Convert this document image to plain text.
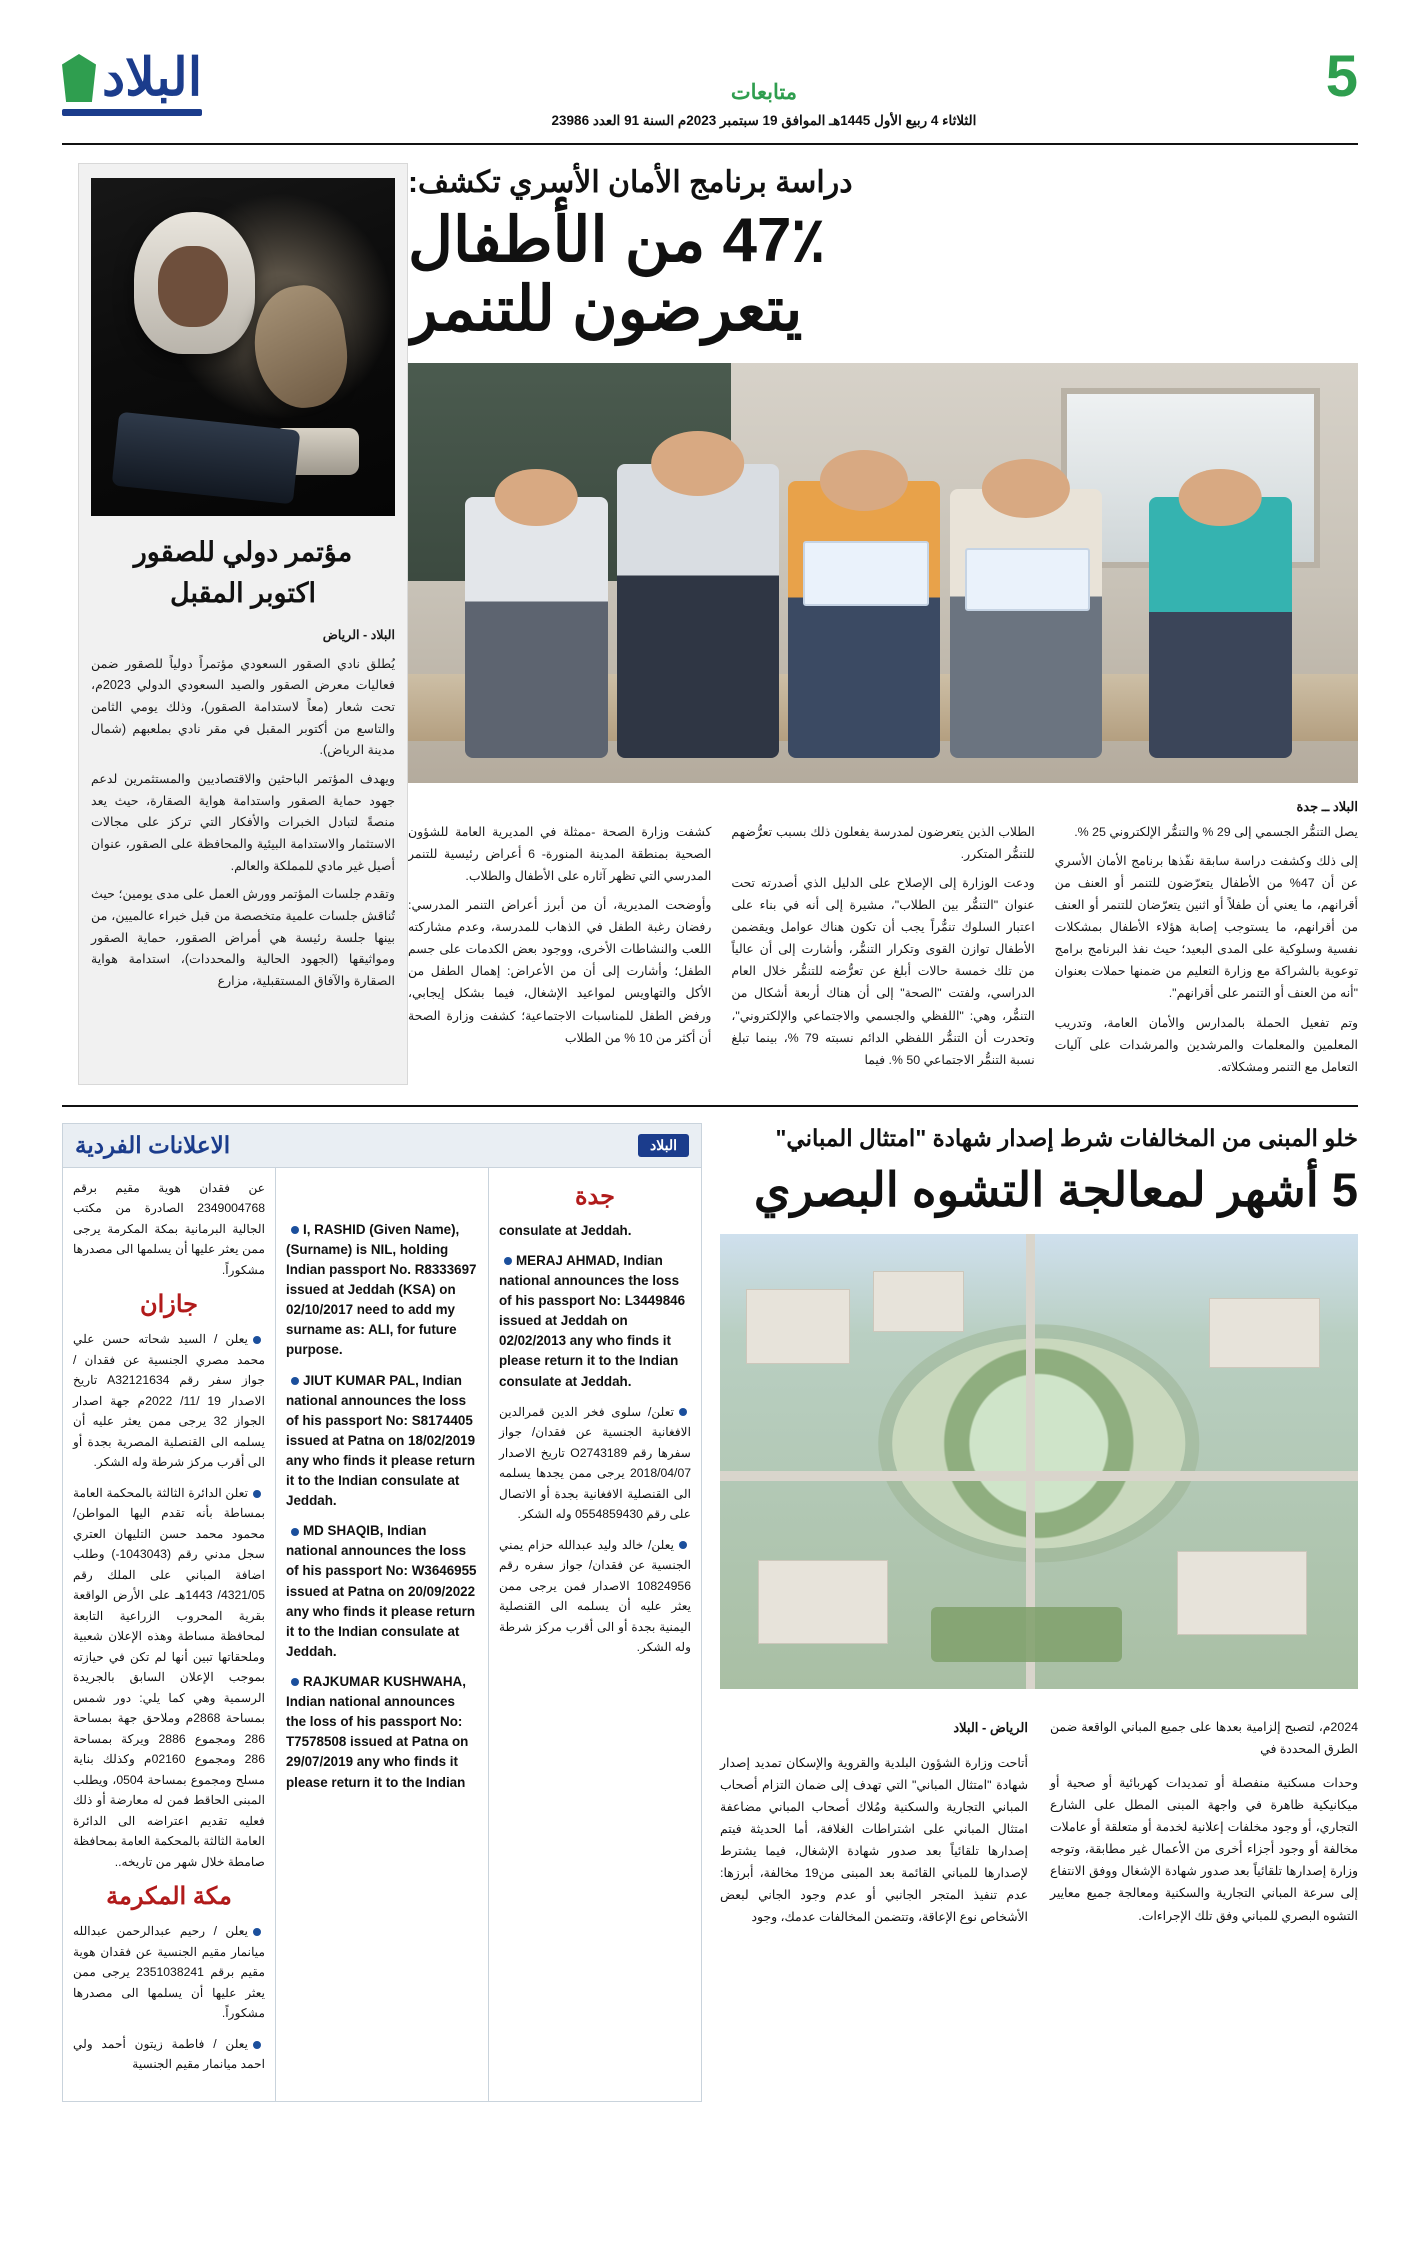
5
متابعات
الثلاثاء 4 ربيع الأول 1445هـ الموافق 19 سبتمبر 2023م السنة 91 العدد 23986
البلاد
دراسة برنامج الأمان الأسري تكشف:
47٪ من الأطفال
يتعرضون للتنمر
البلاد ــ جدة

يصل التنمُّر الجسمي إلى 29 % والتنمُّر الإلكتروني 25 %.

إلى ذلك وكشفت دراسة سابقة نفّذها برنامج الأمان الأسري عن أن 47% من الأطفال يتعرّضون للتنمر أو العنف من أقرانهم، ما يعني أن طفلاً أو اثنين يتعرّضان للتنمر أو العنف من أقرانهم، ما يستوجب إصابة هؤلاء الأطفال بمشكلات نفسية وسلوكية على المدى البعيد؛ حيث نفذ البرنامج برامج توعوية بالشراكة مع وزارة التعليم من ضمنها حملات بعنوان "أنه من العنف أو التنمر على أقرانهم".

وتم تفعيل الحملة بالمدارس والأمان العامة، وتدريب المعلمين والمعلمات والمرشدين والمرشدات على آليات التعامل مع التنمر ومشكلاته.

الطلاب الذين يتعرضون لمدرسة يفعلون ذلك بسبب تعرُّضهم للتنمُّر المتكرر.

ودعت الوزارة إلى الإصلاح على الدليل الذي أصدرته تحت عنوان "التنمُّر بين الطلاب"، مشيرة إلى أنه في بناء على اعتبار السلوك تنمُّراً يجب أن تكون هناك عوامل ويقضمن الأطفال توازن القوى وتكرار التنمُّر، وأشارت إلى أن عالياً من تلك خمسة حالات أبلغ عن تعرُّضه للتنمُّر خلال العام الدراسي، ولفتت "الصحة" إلى أن هناك أربعة أشكال من التنمُّر، وهي: "اللفظي والجسمي والاجتماعي والإلكتروني"، وتحدرت أن التنمُّر اللفظي الدائم نسبته 79 %، بينما تبلغ نسبة التنمُّر الاجتماعي 50 %. فيما

كشفت وزارة الصحة -ممثلة في المديرية العامة للشؤون الصحية بمنطقة المدينة المنورة- 6 أعراض رئيسية للتنمر المدرسي التي تظهر آثاره على الأطفال والطلاب.

وأوضحت المديرية، أن من أبرز أعراض التنمر المدرسي: رفضان رغبة الطفل في الذهاب للمدرسة، وعدم مشاركته اللعب والنشاطات الأخرى، ووجود بعض الكدمات على جسم الطفل؛ وأشارت إلى أن من الأعراض: إهمال الطفل من الأكل والتهاويس لمواعيد الإشغال، فيما بشكل إيجابي، ورفض الطفل للمناسبات الاجتماعية؛ كشفت وزارة الصحة أن أكثر من 10 % من الطلاب

مؤتمر دولي للصقور
اكتوبر المقبل

البلاد - الرياض

يُطلق نادي الصقور السعودي مؤتمراً دولياً للصقور ضمن فعاليات معرض الصقور والصيد السعودي الدولي 2023م، تحت شعار (معاً لاستدامة الصقور)، وذلك يومي الثامن والتاسع من أكتوبر المقبل في مقر نادي بملعبهم (شمال مدينة الرياض).

ويهدف المؤتمر الباحثين والاقتصاديين والمستثمرين لدعم جهود حماية الصقور واستدامة هواية الصقارة، حيث يعد منصةً لتبادل الخبرات والأفكار التي تركز على مجالات الاستثمار والاستدامة البيئية والمحافظة على الصقور، عنوان أصيل غير مادي للمملكة والعالم.

وتقدم جلسات المؤتمر وورش العمل على مدى يومين؛ حيث تُناقش جلسات علمية متخصصة من قبل خبراء عالميين، من بينها جلسة رئيسة هي أمراض الصقور، حماية الصقور ومواثيقها (الجهود الحالية والمحددات)، استدامة هواية الصقارة والآفاق المستقبلية، مزارع

خلو المبنى من المخالفات شرط إصدار شهادة "امتثال المباني"
5 أشهر لمعالجة التشوه البصري

2024م، لتصبح إلزامية بعدها على جميع المباني الواقعة ضمن الطرق المحددة في

وحدات مسكنية منفصلة أو تمديدات كهربائية أو صحية أو ميكانيكية ظاهرة في واجهة المبنى المطل على الشارع التجاري، أو وجود مخلفات إعلانية لخدمة أو متعلقة أو عاملات مخالفة أو وجود أجزاء أخرى من الأعمال غير مطابقة، وتوجه وزارة إصدارها تلقائياً بعد صدور شهادة الإشغال ووفق الانتفاع إلى سرعة المباني التجارية والسكنية ومعالجة جميع معايير التشوه البصري للمباني وفق تلك الإجراءات.

الرياض - البلاد

أتاحت وزارة الشؤون البلدية والقروية والإسكان تمديد إصدار شهادة "امتثال المباني" التي تهدف إلى ضمان التزام أصحاب المباني التجارية والسكنية ومُلاك أصحاب المباني مضاعفة امتثال المباني على اشتراطات الغلافة، أما الحديثة فيتم إصدارها تلقائياً بعد صدور شهادة الإشغال، فيما يشترط لإصدارها للمباني القائمة بعد المبنى من19 مخالفة، أبرزها: عدم تنفيذ المتجر الجانبي أو عدم وجود الجاني لبعض الأشخاص نوع الإعاقة، وتتضمن المخالفات عدمك، وجود

البلاد
الاعلانات الفردية
جدة

consulate at Jeddah.

MERAJ AHMAD, Indian national announces the loss of his passport No: L3449846 issued at Jeddah on 02/02/2013 any who finds it please return it to the Indian consulate at Jeddah.

تعلن/ سلوى فخر الدين قمرالدين الافغانية الجنسية عن فقدان/ جواز سفرها رقم O2743189 تاريخ الاصدار 2018/04/07 يرجى ممن يجدها يسلمه الى القنصلية الافغانية بجدة أو الاتصال على رقم 0554859430 وله الشكر.

يعلن/ خالد وليد عبدالله حزام يمني الجنسية عن فقدان/ جواز سفره رقم 10824956 الاصدار فمن يرجى ممن يعثر عليه أن يسلمه الى القنصلية اليمنية بجدة أو الى أقرب مركز شرطة وله الشكر.

I, RASHID (Given Name), (Surname) is NIL, holding Indian passport No. R8333697 issued at Jeddah (KSA) on 02/10/2017 need to add my surname as: ALI, for future purpose.

JIUT KUMAR PAL, Indian national announces the loss of his passport No: S8174405 issued at Patna on 18/02/2019 any who finds it please return it to the Indian consulate at Jeddah.

MD SHAQIB, Indian national announces the loss of his passport No: W3646955 issued at Patna on 20/09/2022 any who finds it please return it to the Indian consulate at Jeddah.

RAJKUMAR KUSHWAHA, Indian national announces the loss of his passport No: T7578508 issued at Patna on 29/07/2019 any who finds it please return it to the Indian

عن فقدان هوية مقيم برقم 2349004768 الصادرة من مكتب الجالية البرمانية بمكة المكرمة يرجى ممن يعثر عليها أن يسلمها الى مصدرها مشكوراً.

جازان

يعلن / السيد شحاته حسن علي محمد مصري الجنسية عن فقدان / جواز سفر رقم A32121634 تاريخ الاصدار 19 /11/ 2022م جهة اصدار الجواز 32 يرجى ممن يعثر عليه أن يسلمه الى القنصلية المصرية بجدة أو الى أقرب مركز شرطة وله الشكر.

تعلن الدائرة الثالثة بالمحكمة العامة بمساطة بأنه تقدم اليها المواطن/ محمود محمد حسن التليهان العتري سجل مدني رقم (1043043-) وطلب اضافة المباني على الملك رقم 4321/05/ 1443هـ على الأرض الواقعة بقرية المحروب الزراعية التابعة لمحافظة مساطة وهذه الإعلان شعبية وملحقاتها تبين أنها لم تكن في حيازته بموجب الإعلان السابق بالجريدة الرسمية وهي كما يلي: دور شمس بمساحة 2868م وملاحق جهة بمساحة 286 ومجموع 2886 ويركة بمساحة 286 ومجموع 02160م وكذلك بناية مسلح ومجموع بمساحة 0504، ويطلب المبنى الحاقط فمن له معارضة أو ذلك فعليه تقديم اعتراضه الى الدائرة العامة الثالثة بالمحكمة العامة بمحافظة صامطة خلال شهر من تاريخه..

مكة المكرمة

يعلن / رحيم عبدالرحمن عبدالله ميانمار مقيم الجنسية عن فقدان هوية مقيم برقم 2351038241 يرجى ممن يعثر عليها أن يسلمها الى مصدرها مشكوراً.

يعلن / فاطمة زيتون أحمد ولي احمد ميانمار مقيم الجنسية
